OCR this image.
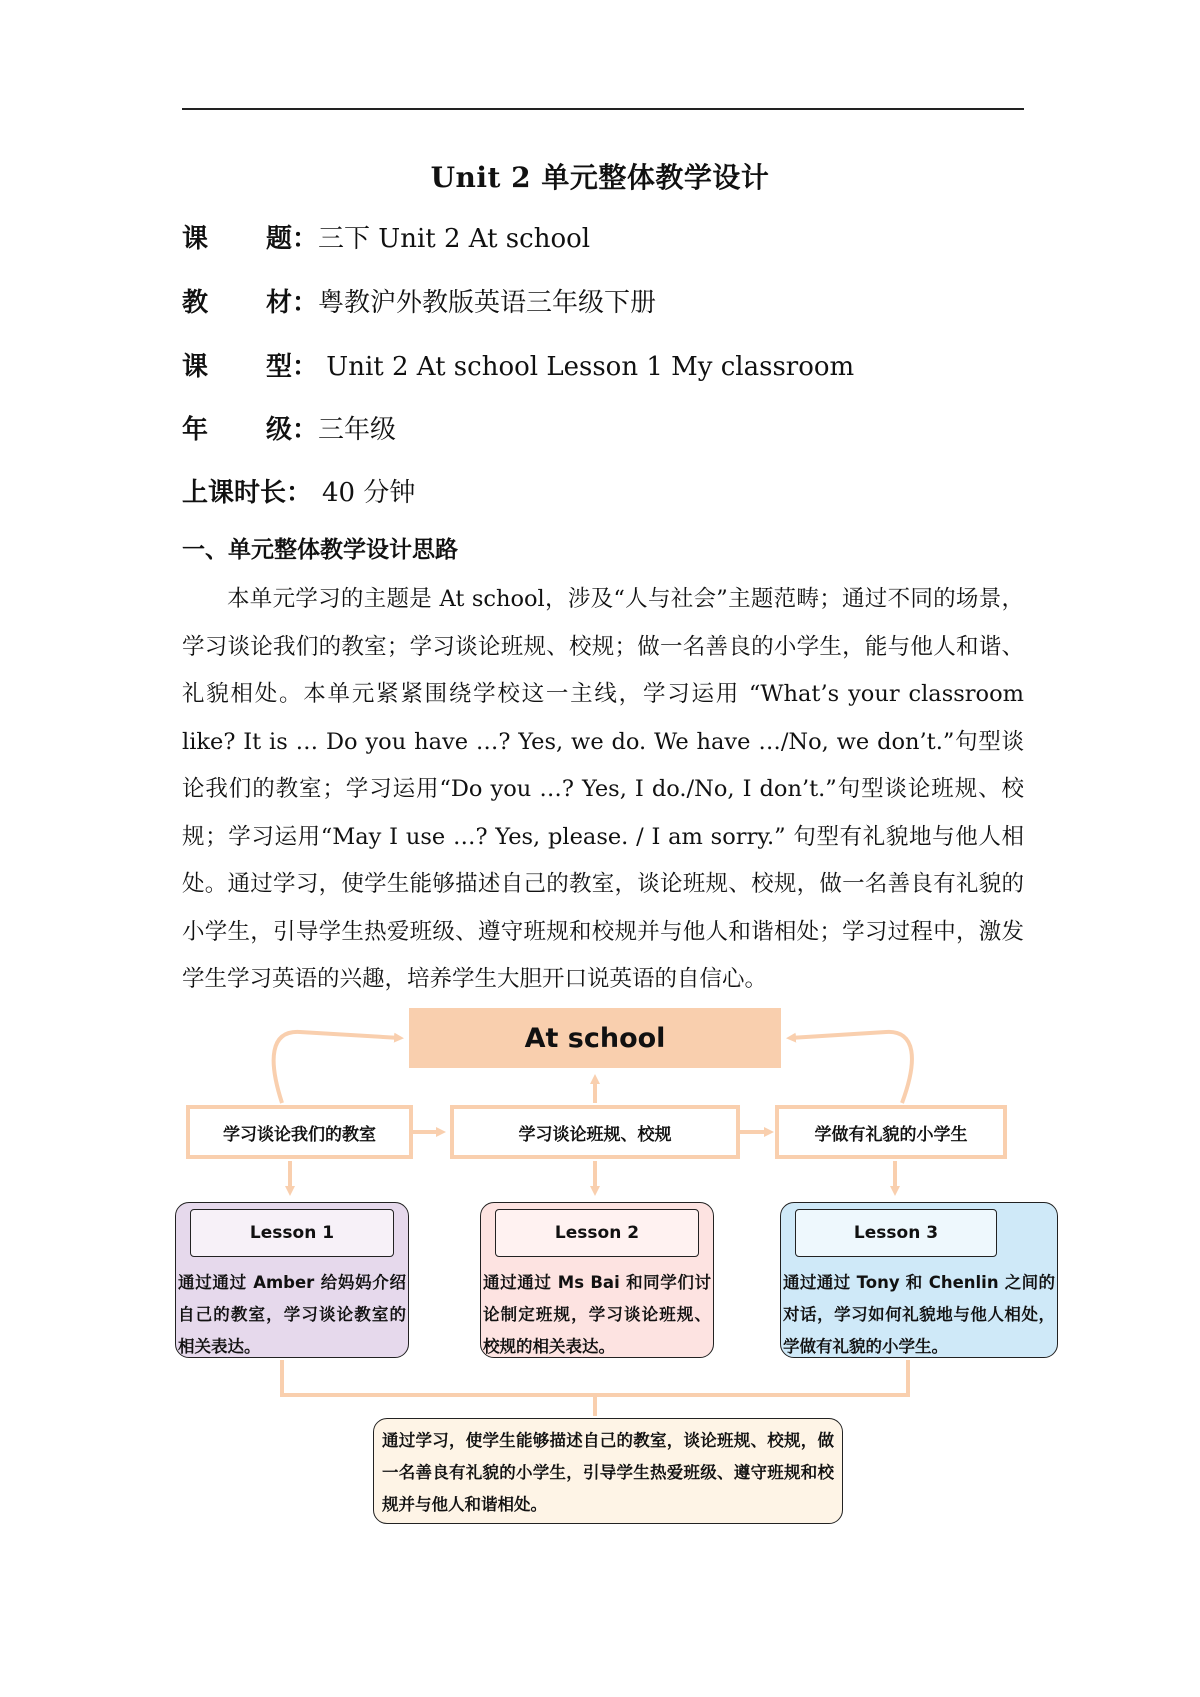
Unit 2 单元整体教学设计
课 题：三下 Unit 2 At school
教 材：粤教沪外教版英语三年级下册
课 型： Unit 2 At school Lesson 1 My classroom
年 级：三年级
上课时长： 40 分钟
一、单元整体教学设计思路
本单元学习的主题是 At school，涉及“人与社会”主题范畴；通过不同的场景，学习谈论我们的教室；学习谈论班规、校规；做一名善良的小学生，能与他人和谐、礼貌相处。本单元紧紧围绕学校这一主线，学习运用 “What’s your classroom like? It is … Do you have …? Yes, we do. We have …/No, we don’t.”句型谈论我们的教室；学习运用“Do you …? Yes, I do./No, I don’t.”句型谈论班规、校规；学习运用“May I use …? Yes, please. / I am sorry.” 句型有礼貌地与他人相处。通过学习，使学生能够描述自己的教室，谈论班规、校规，做一名善良有礼貌的小学生，引导学生热爱班级、遵守班规和校规并与他人和谐相处；学习过程中，激发学生学习英语的兴趣，培养学生大胆开口说英语的自信心。
At school
学习谈论我们的教室	学习谈论班规、校规	学做有礼貌的小学生
Lesson 1
通过通过 Amber 给妈妈介绍自己的教室，学习谈论教室的相关表达。
Lesson 2
通过通过 Ms Bai 和同学们讨论制定班规，学习谈论班规、校规的相关表达。
Lesson 3
通过通过 Tony 和 Chenlin 之间的对话，学习如何礼貌地与他人相处，学做有礼貌的小学生。
通过学习，使学生能够描述自己的教室，谈论班规、校规，做一名善良有礼貌的小学生，引导学生热爱班级、遵守班规和校规并与他人和谐相处。
